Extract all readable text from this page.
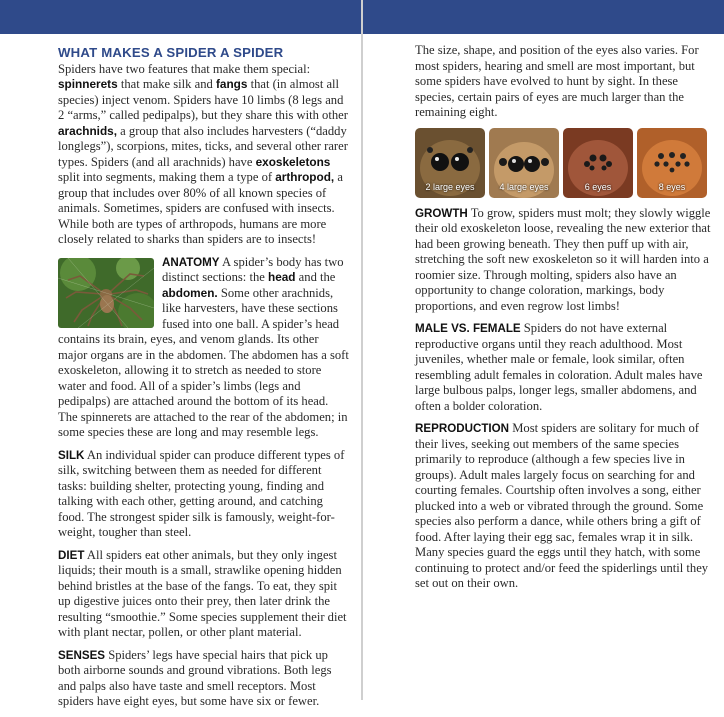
WHAT MAKES A SPIDER A SPIDER

Spiders have two features that make them special: spinnerets that make silk and fangs that (in almost all species) inject venom. Spiders have 10 limbs (8 legs and 2 “arms,” called pedipalps), but they share this with other arachnids, a group that also includes harvesters (“daddy longlegs”), scorpions, mites, ticks, and several other rarer types. Spiders (and all arachnids) have exoskeletons split into segments, making them a type of arthropod, a group that includes over 80% of all known species of animals. Sometimes, spiders are confused with insects. While both are types of arthropods, humans are more closely related to sharks than spiders are to insects!

ANATOMY A spider’s body has two distinct sections: the head and the abdomen. Some other arachnids, like harvesters, have these sections fused into one ball. A spider’s head contains its brain, eyes, and venom glands. Its other major organs are in the abdomen. The abdomen has a soft exoskeleton, allowing it to stretch as needed to store water and food. All of a spider’s limbs (legs and pedipalps) are attached around the bottom of its head. The spinnerets are attached to the rear of the abdomen; in some species these are long and may resemble legs.

SILK An individual spider can produce different types of silk, switching between them as needed for different tasks: building shelter, protecting young, finding and talking with each other, getting around, and catching food. The strongest spider silk is famously, weight-for-weight, tougher than steel.

DIET All spiders eat other animals, but they only ingest liquids; their mouth is a small, strawlike opening hidden behind bristles at the base of the fangs. To eat, they spit up digestive juices onto their prey, then later drink the resulting “smoothie.” Some species supplement their diet with plant nectar, pollen, or other plant material.

SENSES Spiders’ legs have special hairs that pick up both airborne sounds and ground vibrations. Both legs and palps also have taste and smell receptors. Most spiders have eight eyes, but some have six or fewer.

The size, shape, and position of the eyes also varies. For most spiders, hearing and smell are most important, but some spiders have evolved to hunt by sight. In these species, certain pairs of eyes are much larger than the remaining eight.

2 large eyes	4 large eyes	6 eyes	8 eyes

GROWTH To grow, spiders must molt; they slowly wiggle their old exoskeleton loose, revealing the new exterior that had been growing beneath. They then puff up with air, stretching the soft new exoskeleton so it will harden into a roomier size. Through molting, spiders also have an opportunity to change coloration, markings, body proportions, and even regrow lost limbs!

MALE VS. FEMALE Spiders do not have external reproductive organs until they reach adulthood. Most juveniles, whether male or female, look similar, often resembling adult females in coloration. Adult males have large bulbous palps, longer legs, smaller abdomens, and often a bolder coloration.

REPRODUCTION Most spiders are solitary for much of their lives, seeking out members of the same species primarily to reproduce (although a few species live in groups). Adult males largely focus on searching for and courting females. Courtship often involves a song, either plucked into a web or vibrated through the ground. Some species also perform a dance, while others bring a gift of food. After laying their egg sac, females wrap it in silk. Many species guard the eggs until they hatch, with some continuing to protect and/or feed the spiderlings until they set out on their own.
